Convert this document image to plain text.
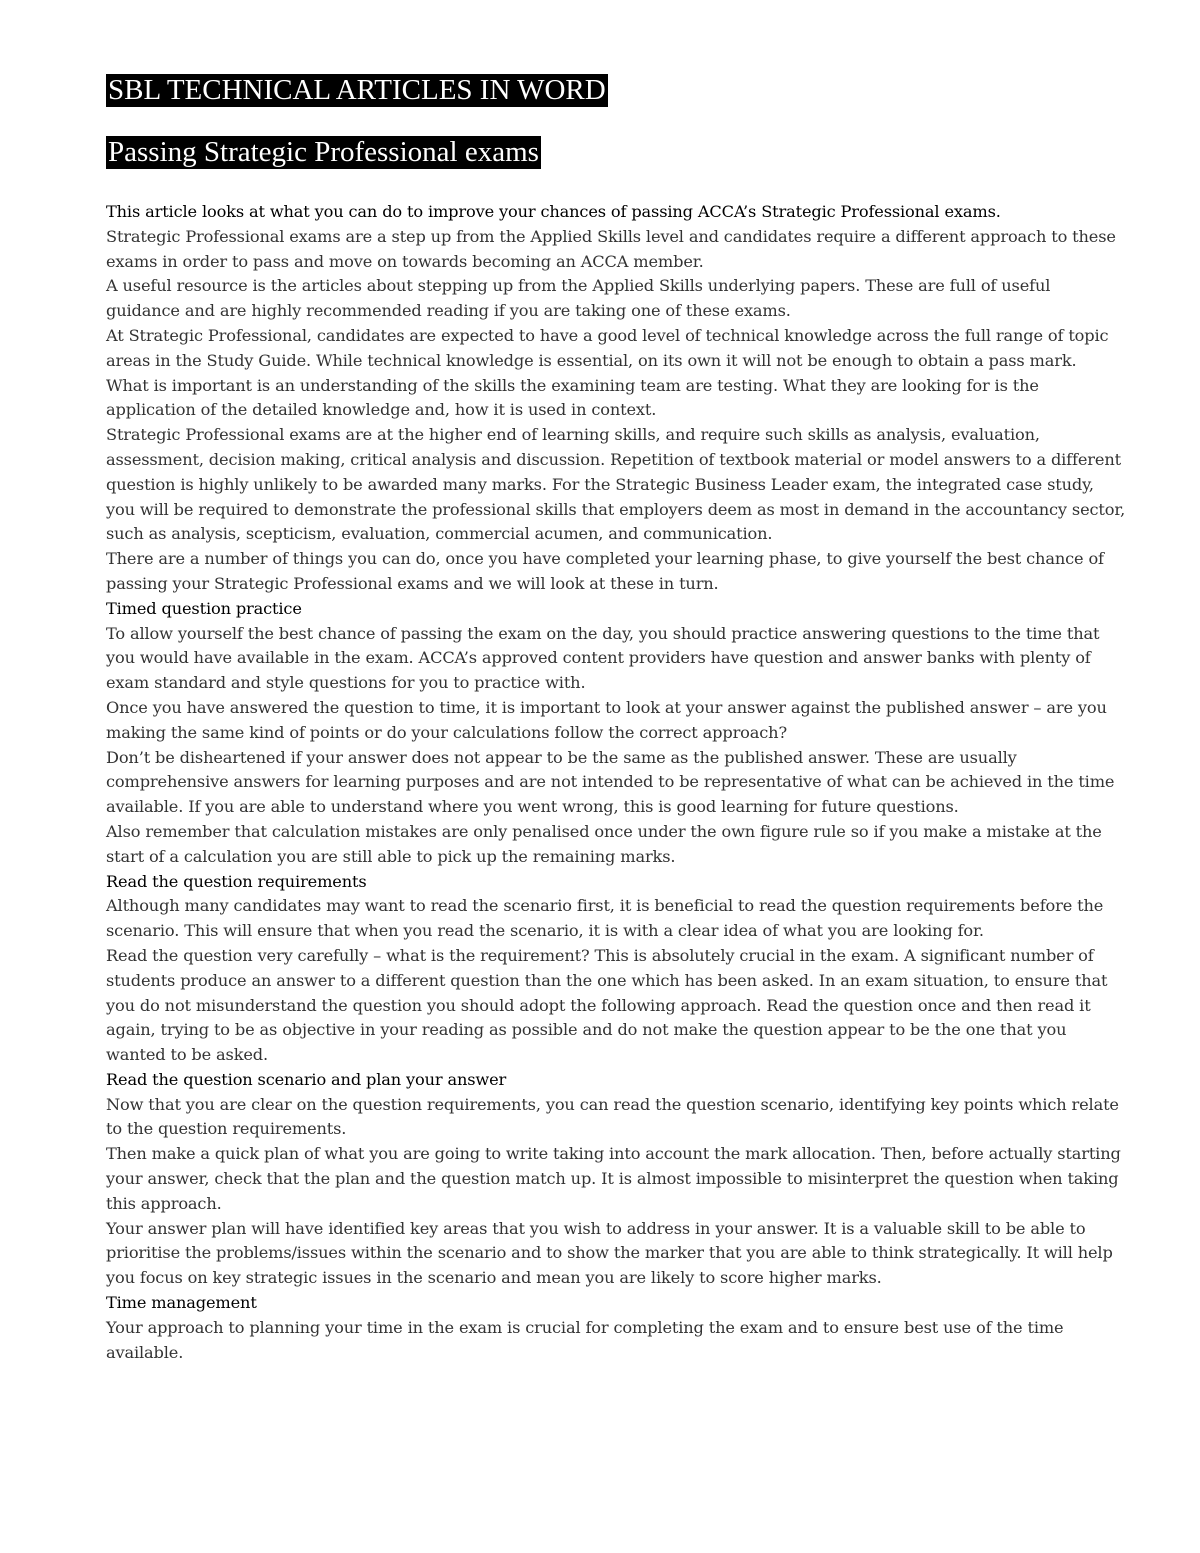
SBL TECHNICAL ARTICLES IN WORD
Passing Strategic Professional exams

This article looks at what you can do to improve your chances of passing ACCA’s Strategic Professional exams.

Strategic Professional exams are a step up from the Applied Skills level and candidates require a different approach to these exams in order to pass and move on towards becoming an ACCA member.

A useful resource is the articles about stepping up from the Applied Skills underlying papers. These are full of useful guidance and are highly recommended reading if you are taking one of these exams.

At Strategic Professional, candidates are expected to have a good level of technical knowledge across the full range of topic areas in the Study Guide. While technical knowledge is essential, on its own it will not be enough to obtain a pass mark.

What is important is an understanding of the skills the examining team are testing. What they are looking for is the application of the detailed knowledge and, how it is used in context.

Strategic Professional exams are at the higher end of learning skills, and require such skills as analysis, evaluation, assessment, decision making, critical analysis and discussion. Repetition of textbook material or model answers to a different question is highly unlikely to be awarded many marks. For the Strategic Business Leader exam, the integrated case study, you will be required to demonstrate the professional skills that employers deem as most in demand in the accountancy sector, such as analysis, scepticism, evaluation, commercial acumen, and communication.

There are a number of things you can do, once you have completed your learning phase, to give yourself the best chance of passing your Strategic Professional exams and we will look at these in turn.

Timed question practice

To allow yourself the best chance of passing the exam on the day, you should practice answering questions to the time that you would have available in the exam. ACCA’s approved content providers have question and answer banks with plenty of exam standard and style questions for you to practice with.

Once you have answered the question to time, it is important to look at your answer against the published answer – are you making the same kind of points or do your calculations follow the correct approach?

Don’t be disheartened if your answer does not appear to be the same as the published answer. These are usually comprehensive answers for learning purposes and are not intended to be representative of what can be achieved in the time available. If you are able to understand where you went wrong, this is good learning for future questions.

Also remember that calculation mistakes are only penalised once under the own figure rule so if you make a mistake at the start of a calculation you are still able to pick up the remaining marks.

Read the question requirements

Although many candidates may want to read the scenario first, it is beneficial to read the question requirements before the scenario. This will ensure that when you read the scenario, it is with a clear idea of what you are looking for.

Read the question very carefully – what is the requirement? This is absolutely crucial in the exam. A significant number of students produce an answer to a different question than the one which has been asked. In an exam situation, to ensure that you do not misunderstand the question you should adopt the following approach. Read the question once and then read it again, trying to be as objective in your reading as possible and do not make the question appear to be the one that you wanted to be asked.

Read the question scenario and plan your answer

Now that you are clear on the question requirements, you can read the question scenario, identifying key points which relate to the question requirements.

Then make a quick plan of what you are going to write taking into account the mark allocation. Then, before actually starting your answer, check that the plan and the question match up. It is almost impossible to misinterpret the question when taking this approach.

Your answer plan will have identified key areas that you wish to address in your answer. It is a valuable skill to be able to prioritise the problems/issues within the scenario and to show the marker that you are able to think strategically. It will help you focus on key strategic issues in the scenario and mean you are likely to score higher marks.

Time management

Your approach to planning your time in the exam is crucial for completing the exam and to ensure best use of the time available.
